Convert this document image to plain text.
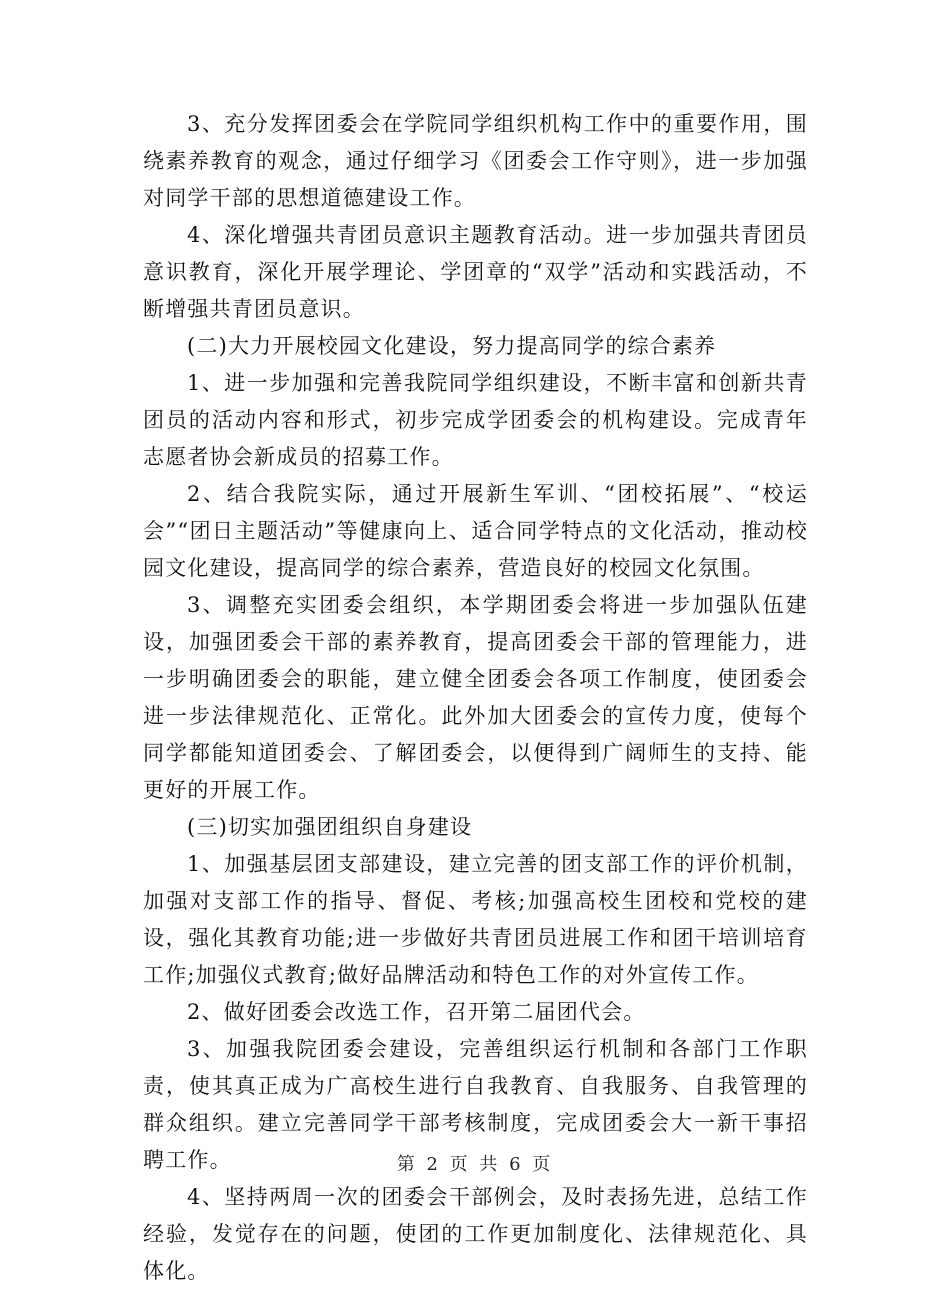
3、充分发挥团委会在学院同学组织机构工作中的重要作用，围绕素养教育的观念，通过仔细学习《团委会工作守则》，进一步加强对同学干部的思想道德建设工作。

4、深化增强共青团员意识主题教育活动。进一步加强共青团员意识教育，深化开展学理论、学团章的“双学”活动和实践活动，不断增强共青团员意识。

(二)大力开展校园文化建设，努力提高同学的综合素养

1、进一步加强和完善我院同学组织建设，不断丰富和创新共青团员的活动内容和形式，初步完成学团委会的机构建设。完成青年志愿者协会新成员的招募工作。

2、结合我院实际，通过开展新生军训、“团校拓展”、“校运会”“团日主题活动”等健康向上、适合同学特点的文化活动，推动校园文化建设，提高同学的综合素养，营造良好的校园文化氛围。

3、调整充实团委会组织，本学期团委会将进一步加强队伍建设，加强团委会干部的素养教育，提高团委会干部的管理能力，进一步明确团委会的职能，建立健全团委会各项工作制度，使团委会进一步法律规范化、正常化。此外加大团委会的宣传力度，使每个同学都能知道团委会、了解团委会，以便得到广阔师生的支持、能更好的开展工作。

(三)切实加强团组织自身建设

1、加强基层团支部建设，建立完善的团支部工作的评价机制，加强对支部工作的指导、督促、考核;加强高校生团校和党校的建设，强化其教育功能;进一步做好共青团员进展工作和团干培训培育工作;加强仪式教育;做好品牌活动和特色工作的对外宣传工作。

2、做好团委会改选工作，召开第二届团代会。

3、加强我院团委会建设，完善组织运行机制和各部门工作职责，使其真正成为广高校生进行自我教育、自我服务、自我管理的群众组织。建立完善同学干部考核制度，完成团委会大一新干事招聘工作。

4、坚持两周一次的团委会干部例会，及时表扬先进，总结工作经验，发觉存在的问题，使团的工作更加制度化、法律规范化、具体化。

第 2 页 共 6 页
